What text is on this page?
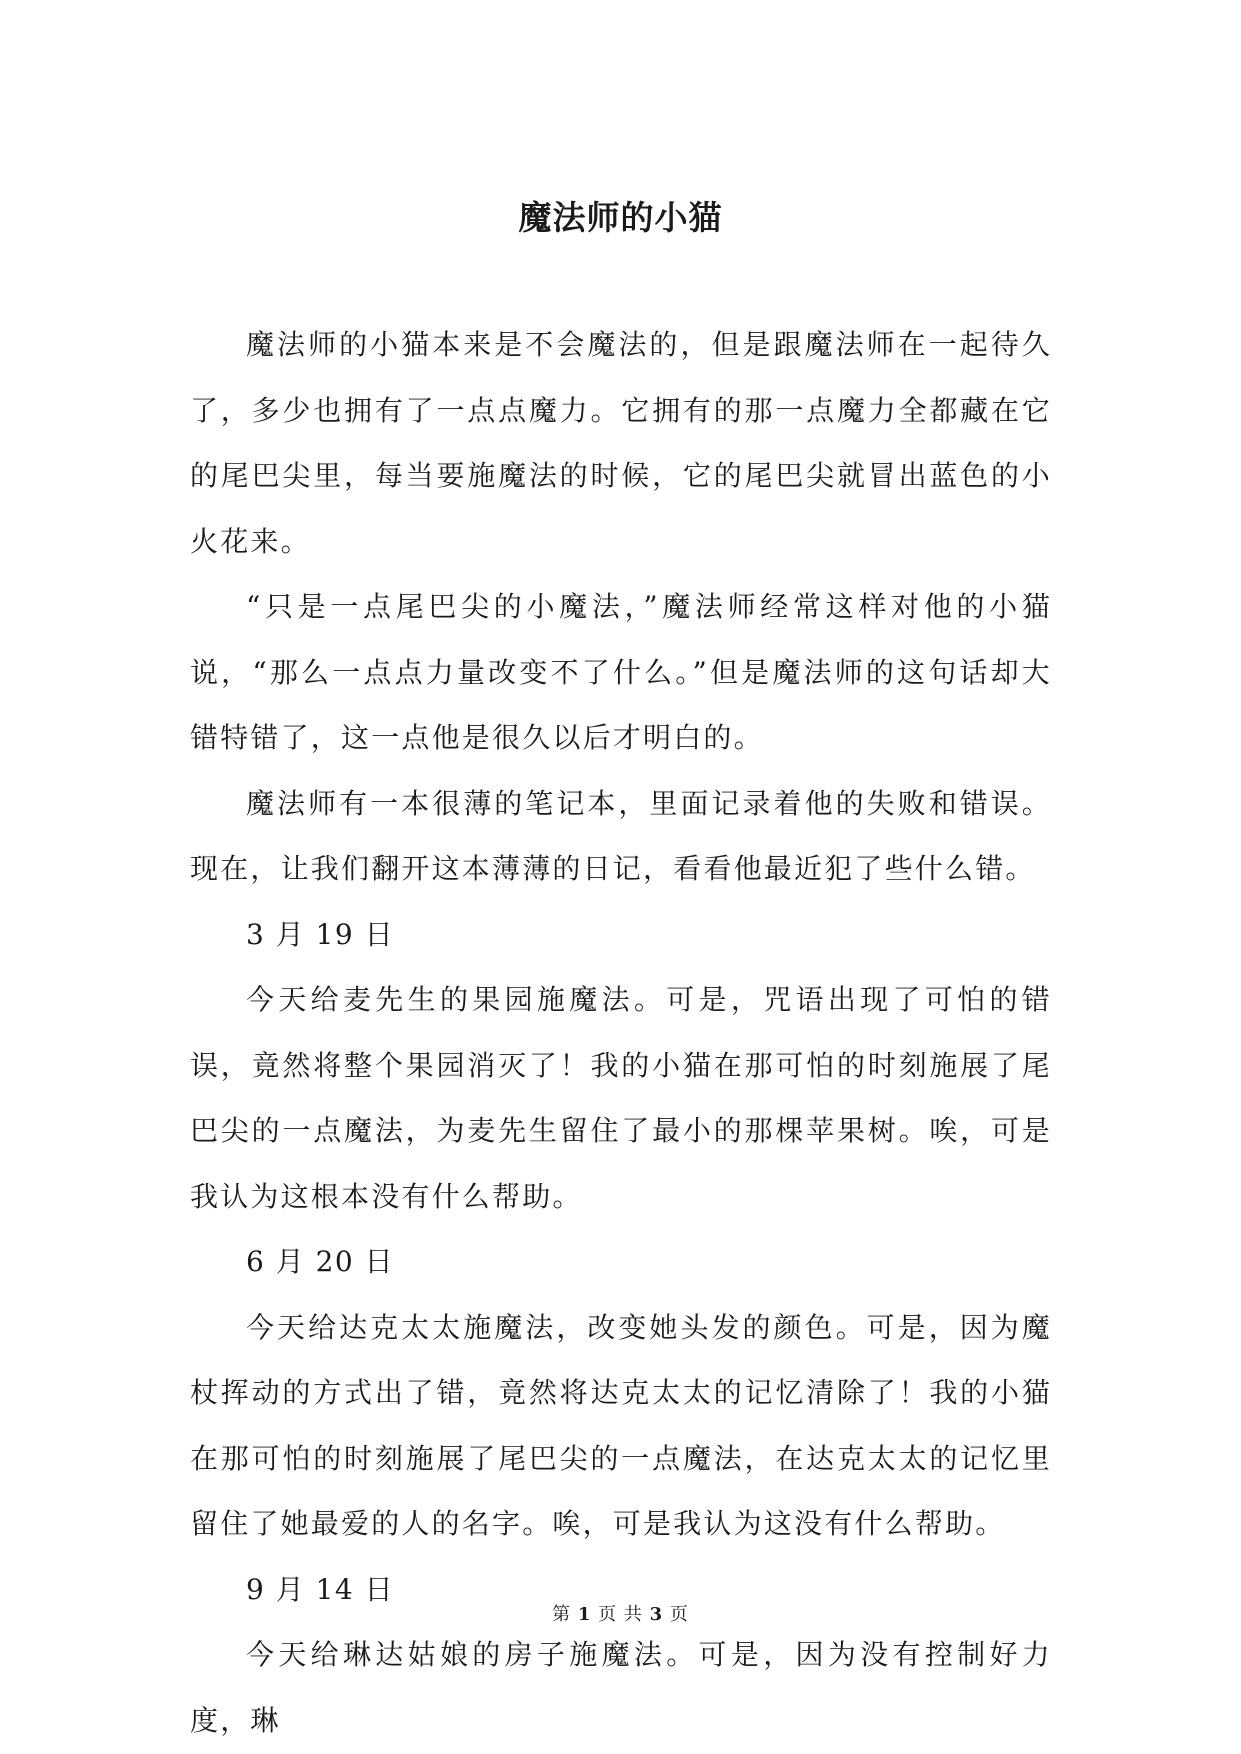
魔法师的小猫

魔法师的小猫本来是不会魔法的，但是跟魔法师在一起待久了，多少也拥有了一点点魔力。它拥有的那一点魔力全都藏在它的尾巴尖里，每当要施魔法的时候，它的尾巴尖就冒出蓝色的小火花来。

“只是一点尾巴尖的小魔法，”魔法师经常这样对他的小猫说，“那么一点点力量改变不了什么。”但是魔法师的这句话却大错特错了，这一点他是很久以后才明白的。

魔法师有一本很薄的笔记本，里面记录着他的失败和错误。现在，让我们翻开这本薄薄的日记，看看他最近犯了些什么错。

3 月 19 日

今天给麦先生的果园施魔法。可是，咒语出现了可怕的错误，竟然将整个果园消灭了！我的小猫在那可怕的时刻施展了尾巴尖的一点魔法，为麦先生留住了最小的那棵苹果树。唉，可是我认为这根本没有什么帮助。

6 月 20 日

今天给达克太太施魔法，改变她头发的颜色。可是，因为魔杖挥动的方式出了错，竟然将达克太太的记忆清除了！我的小猫在那可怕的时刻施展了尾巴尖的一点魔法，在达克太太的记忆里留住了她最爱的人的名字。唉，可是我认为这没有什么帮助。

9 月 14 日

今天给琳达姑娘的房子施魔法。可是，因为没有控制好力度，琳

第 1 页 共 3 页
